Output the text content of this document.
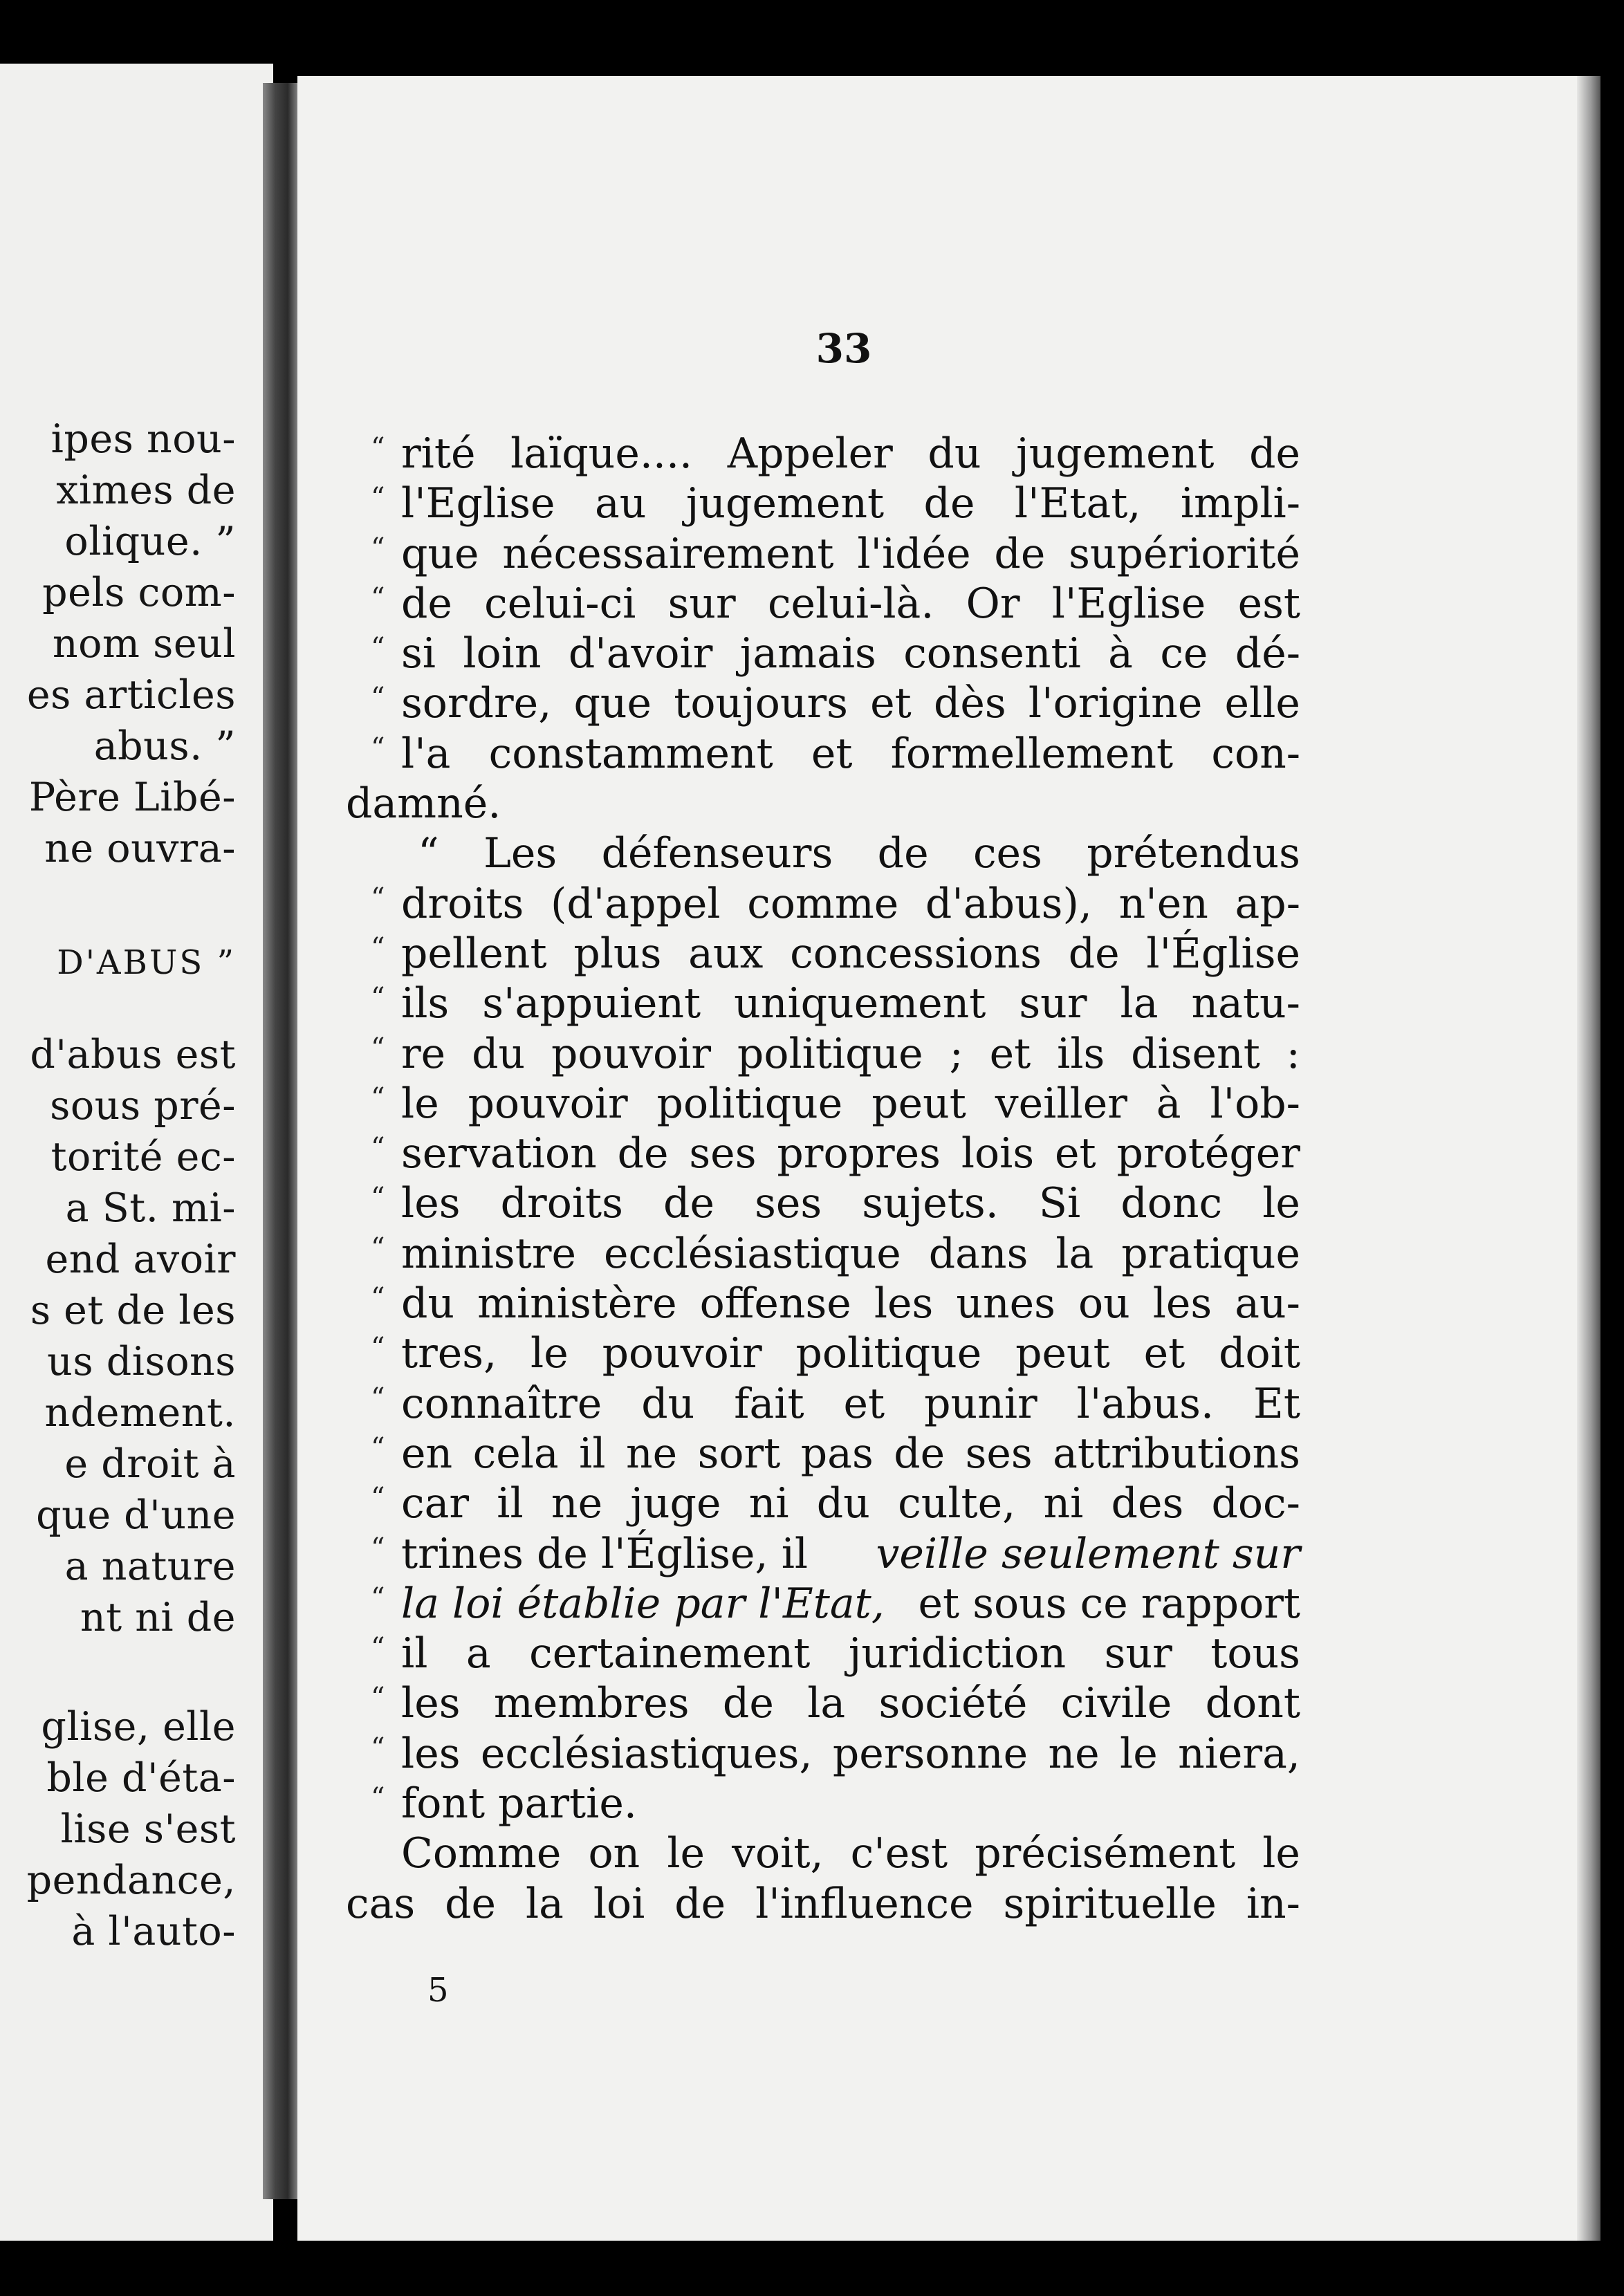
ipes nou-
ximes de
olique. ”
pels com-
nom seul
es articles
abus. ”
Père Libé-
ne ouvra-
D'ABUS ”
d'abus est
sous pré-
torité ec-
a St. mi-
end avoir
s et de les
us disons
ndement.
e droit à
que d'une
a nature
nt ni de
glise, elle
ble d'éta-
lise s'est
pendance,
à l'auto-
33
“ rité laïque.... Appeler du jugement de
“ l'Eglise au jugement de l'Etat, impli-
“ que nécessairement l'idée de supériorité
“ de celui-ci sur celui-là. Or l'Eglise est
“ si loin d'avoir jamais consenti à ce dé-
“ sordre, que toujours et dès l'origine elle
“ l'a constamment et formellement con-
damné.
“ Les défenseurs de ces prétendus
“ droits (d'appel comme d'abus), n'en ap-
“ pellent plus aux concessions de l'Église
“ ils s'appuient uniquement sur la natu-
“ re du pouvoir politique ; et ils disent :
“ le pouvoir politique peut veiller à l'ob-
“ servation de ses propres lois et protéger
“ les droits de ses sujets. Si donc le
“ ministre ecclésiastique dans la pratique
“ du ministère offense les unes ou les au-
“ tres, le pouvoir politique peut et doit
“ connaître du fait et punir l'abus. Et
“ en cela il ne sort pas de ses attributions
“ car il ne juge ni du culte, ni des doc-
“ trines de l'Église, il veille seulement sur
“ la loi établie par l'Etat, et sous ce rapport
“ il a certainement juridiction sur tous
“ les membres de la société civile dont
“ les ecclésiastiques, personne ne le niera,
“ font partie.
Comme on le voit, c'est précisément le
cas de la loi de l'influence spirituelle in-
5
